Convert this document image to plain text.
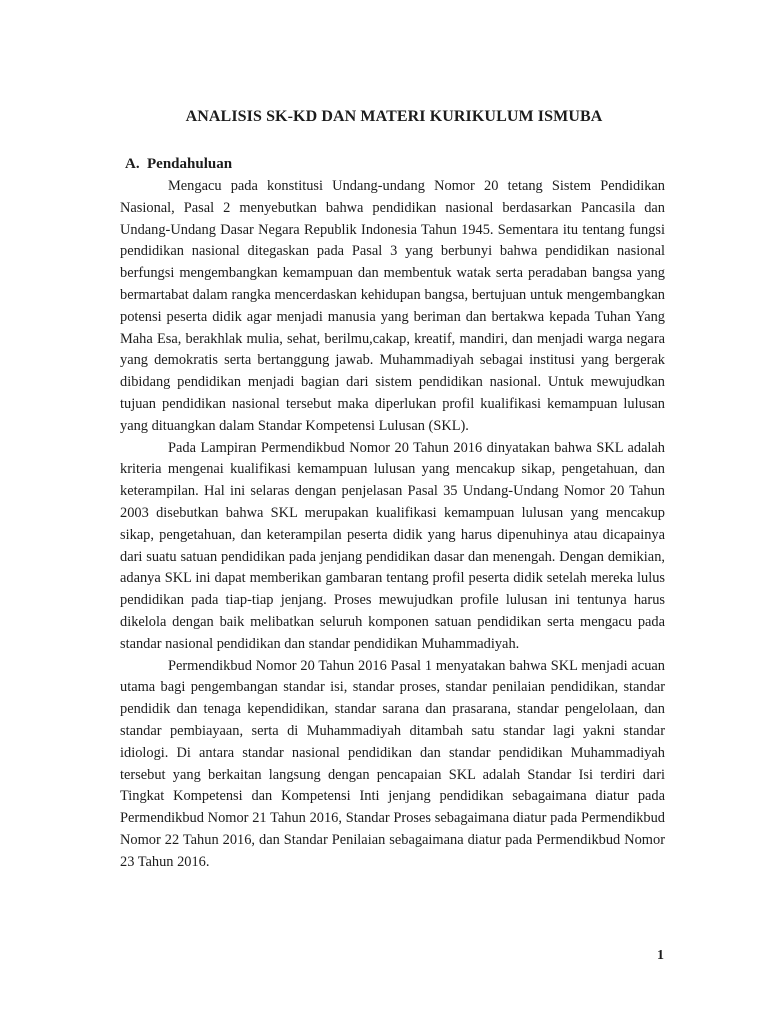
ANALISIS SK-KD DAN MATERI KURIKULUM ISMUBA
A. Pendahuluan

Mengacu pada konstitusi Undang-undang Nomor 20 tetang Sistem Pendidikan Nasional, Pasal 2 menyebutkan bahwa pendidikan nasional berdasarkan Pancasila dan Undang-Undang Dasar Negara Republik Indonesia Tahun 1945. Sementara itu tentang fungsi pendidikan nasional ditegaskan pada Pasal 3 yang berbunyi bahwa pendidikan nasional berfungsi mengembangkan kemampuan dan membentuk watak serta peradaban bangsa yang bermartabat dalam rangka mencerdaskan kehidupan bangsa, bertujuan untuk mengembangkan potensi peserta didik agar menjadi manusia yang beriman dan bertakwa kepada Tuhan Yang Maha Esa, berakhlak mulia, sehat, berilmu,cakap, kreatif, mandiri, dan menjadi warga negara yang demokratis serta bertanggung jawab. Muhammadiyah sebagai institusi yang bergerak dibidang pendidikan menjadi bagian dari sistem pendidikan nasional. Untuk mewujudkan tujuan pendidikan nasional tersebut maka diperlukan profil kualifikasi kemampuan lulusan yang dituangkan dalam Standar Kompetensi Lulusan (SKL).

Pada Lampiran Permendikbud Nomor 20 Tahun 2016 dinyatakan bahwa SKL adalah kriteria mengenai kualifikasi kemampuan lulusan yang mencakup sikap, pengetahuan, dan keterampilan. Hal ini selaras dengan penjelasan Pasal 35 Undang-Undang Nomor 20 Tahun 2003 disebutkan bahwa SKL merupakan kualifikasi kemampuan lulusan yang mencakup sikap, pengetahuan, dan keterampilan peserta didik yang harus dipenuhinya atau dicapainya dari suatu satuan pendidikan pada jenjang pendidikan dasar dan menengah. Dengan demikian, adanya SKL ini dapat memberikan gambaran tentang profil peserta didik setelah mereka lulus pendidikan pada tiap-tiap jenjang. Proses mewujudkan profile lulusan ini tentunya harus dikelola dengan baik melibatkan seluruh komponen satuan pendidikan serta mengacu pada standar nasional pendidikan dan standar pendidikan Muhammadiyah.

Permendikbud Nomor 20 Tahun 2016 Pasal 1 menyatakan bahwa SKL menjadi acuan utama bagi pengembangan standar isi, standar proses, standar penilaian pendidikan, standar pendidik dan tenaga kependidikan, standar sarana dan prasarana, standar pengelolaan, dan standar pembiayaan, serta di Muhammadiyah ditambah satu standar lagi yakni standar idiologi. Di antara standar nasional pendidikan dan standar pendidikan Muhammadiyah tersebut yang berkaitan langsung dengan pencapaian SKL adalah Standar Isi terdiri dari Tingkat Kompetensi dan Kompetensi Inti jenjang pendidikan sebagaimana diatur pada Permendikbud Nomor 21 Tahun 2016, Standar Proses sebagaimana diatur pada Permendikbud Nomor 22 Tahun 2016, dan Standar Penilaian sebagaimana diatur pada Permendikbud Nomor 23 Tahun 2016.

1
